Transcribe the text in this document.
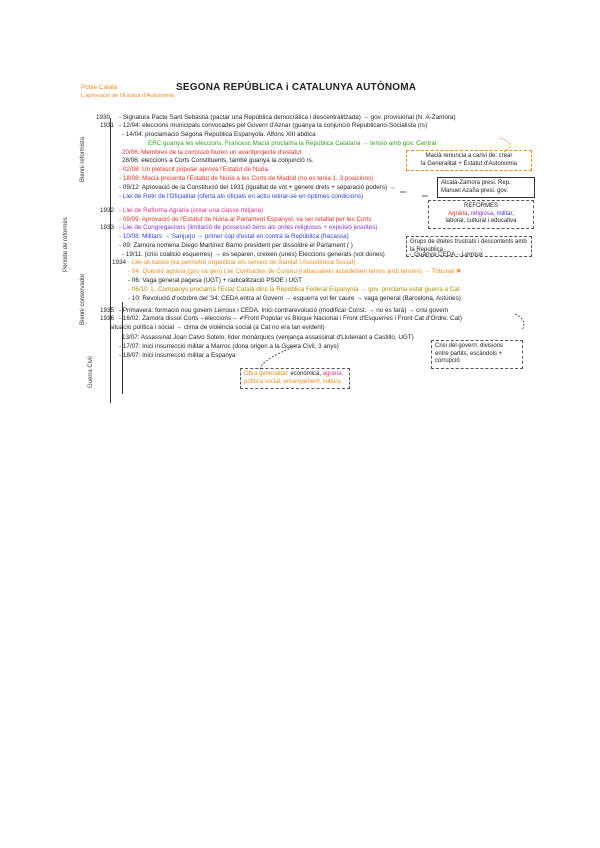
Poble Català
L'aprovació de l'Estatut d'Autonomia
SEGONA REPÚBLICA i CATALUNYA AUTÒNOMA
Bienni reformista
Període de reformes
Bienni conservador
Guerra Civil
1930
1931
1932
1933
1934
1935
1936
- Signatura Pacte Sant Sebastià (pactar una República democràtica i descentralitzada) → gov. provisional (N. A-Zamora)
- 12/04: eleccions municipals convocades pel Govern d'Aznar (guanya la conjunció Republicano-Socialista (rs)
- 14/04: proclamació Segona República Espanyola. Alfons XIII abdica
ERC guanya les eleccions. Francesc Macià proclama la República Catalana → tensió amb gov. Central
20/06: Membres de la comissió lliuren un avantprojecte d'estatut
28/06: eleccions a Corts Constituents, també guanya la conjunció rs.
- 02/08: Un plebiscit popular aprova l'Estatut de Núria.
- 18/08: Macià presenta l'Estatut de Núria a les Corts de Madrid (no es tenia 1, 3 posicions)
- 09/12: Aprovació de la Constitució del 1931 (igualtat de vot + gènere drets + separació poders) →
- Llei de Retir de l'Oficialitat (oferta als oficials en actiu retirar-se en òptimes condicions)
- Llei de Reforma Agrària (crear una classe mitjana)
- 09/09: Aprovació de l'Estatut de Núria al Parlament Espanyol, va ser retallat per les Corts
- Llei de Congregacions (limitació de possessió béns als ordes religiosos + expulsió jesuïtes)
- 10/08: Militars → Sanjurjo → primer cop d'estat en contra la República (fracassa)
- 09: Zamora nomena Diego Martínez Barrio president per dissoldre el Parlament ( )
- 19/11: (crisi coalició esquerres) → es separen, creixen (unes) Eleccions generals (vot dones)	→ Guanya CEDA→Lerroux
- Llei de bases (va permetre organitzar els serveis de Sanitat i Assistència Social)
- 04: Qüestió agrària (gov va gen) Llei Contractes de Conreu (rabassaires accedeixen terres amb termes) → Tribunal ✖
- 06: Vaga general pagesa (UGT) + radicalització PSOE i UGT
- 06/10: L. Companys proclama l'Estat Català dins la República Federal Espanyola → gov. proclama estat guerra a Cat
- 10: Revolució d'octubre del '34: CEDA entra al Govern → esquerra vol fer caure → vaga general (Barcelona, Astúries)
- Primavera: formació nou govern Lerroux i CEDA. Inici contrarevolució (modificar Const. → no es farà) → crisi govern
- 16/02: Zamora dissol Corts→eleccions→ ✔Front Popular vs Bloque Nacional i Front d'Esquerres i Front Cat d'Ordre. Cat)
situació política i social → clima de violència social (a Cat no era tan evident)
13/07: Assassinat Joan Calvo Sotelo, líder monàrquics (venjança assassinat d'Llutenant a Castillo, UGT)
- 17/07: Inici insurrecció militar a Marroc (dona origen a la Guerra Civil, 3 anys)
- 18/07: Inici insurrecció militar a Espanya
Macià renuncia a canvi de: crear
la Generalitat + Estatut d'Autonomia
Alcalá-Zamora presi. Rep.
Manuel Azaña presi. gov.
REFORMES
Agrària, religiosa, militar,
laboral, cultural i educativa
Grups de dretes frustrats i descontents amb la República
Crisi del govern: divisions
entre partits, escàndols +
corrupció
Obra generalitat: econòmica, agrària,
política social, ensenyament, cultura
